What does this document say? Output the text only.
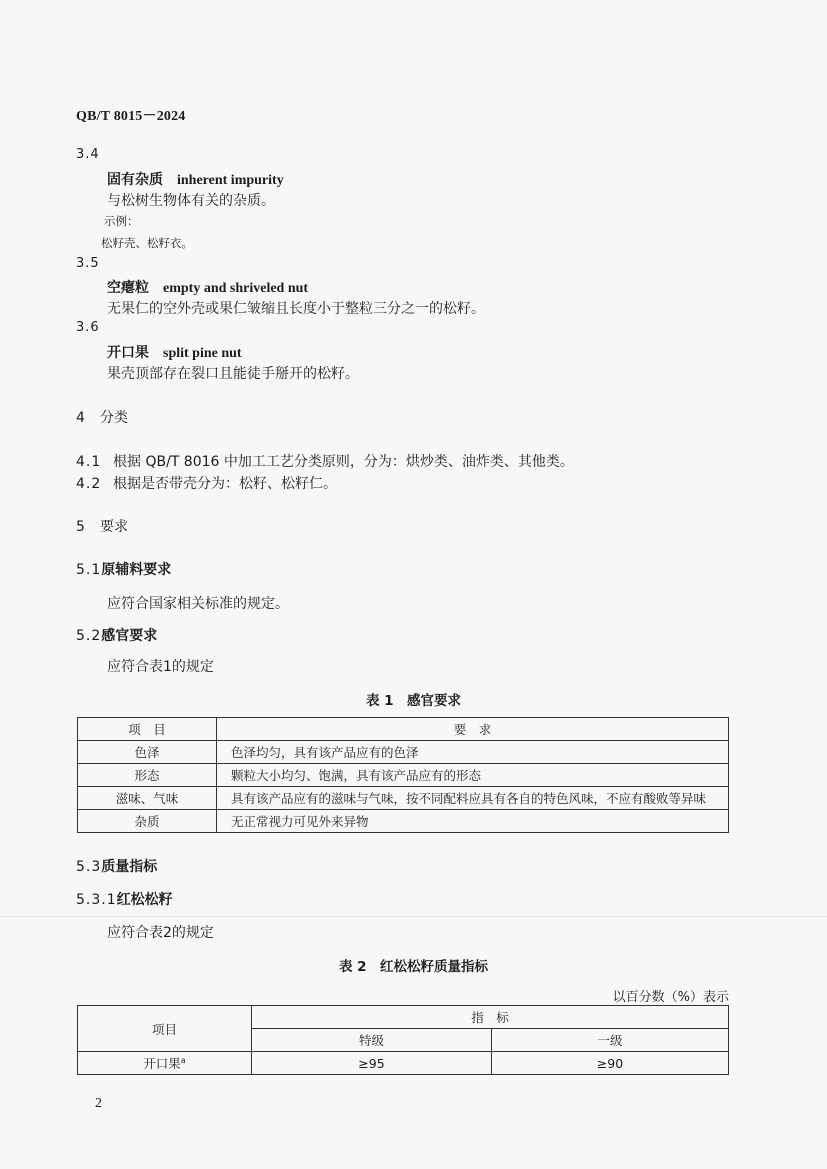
QB/T 8015－2024
3.4
固有杂质 inherent impurity
与松树生物体有关的杂质。
示例：
松籽壳、松籽衣。
3.5
空瘪粒 empty and shriveled nut
无果仁的空外壳或果仁皱缩且长度小于整粒三分之一的松籽。
3.6
开口果 split pine nut
果壳顶部存在裂口且能徒手掰开的松籽。
4 分类
4.1 根据 QB/T 8016 中加工工艺分类原则，分为：烘炒类、油炸类、其他类。
4.2 根据是否带壳分为：松籽、松籽仁。
5 要求
5.1原辅料要求
应符合国家相关标准的规定。
5.2感官要求
应符合表1的规定
表 1　感官要求
项　目	要　求
色泽	色泽均匀，具有该产品应有的色泽
形态	颗粒大小均匀、饱满，具有该产品应有的形态
滋味、气味	具有该产品应有的滋味与气味，按不同配料应具有各自的特色风味，不应有酸败等异味
杂质	无正常视力可见外来异物
5.3质量指标
5.3.1红松松籽
应符合表2的规定
表 2　红松松籽质量指标
以百分数（%）表示
项目	指　标	
	特级	一级
开口果$^a$	≥95	≥90
2
